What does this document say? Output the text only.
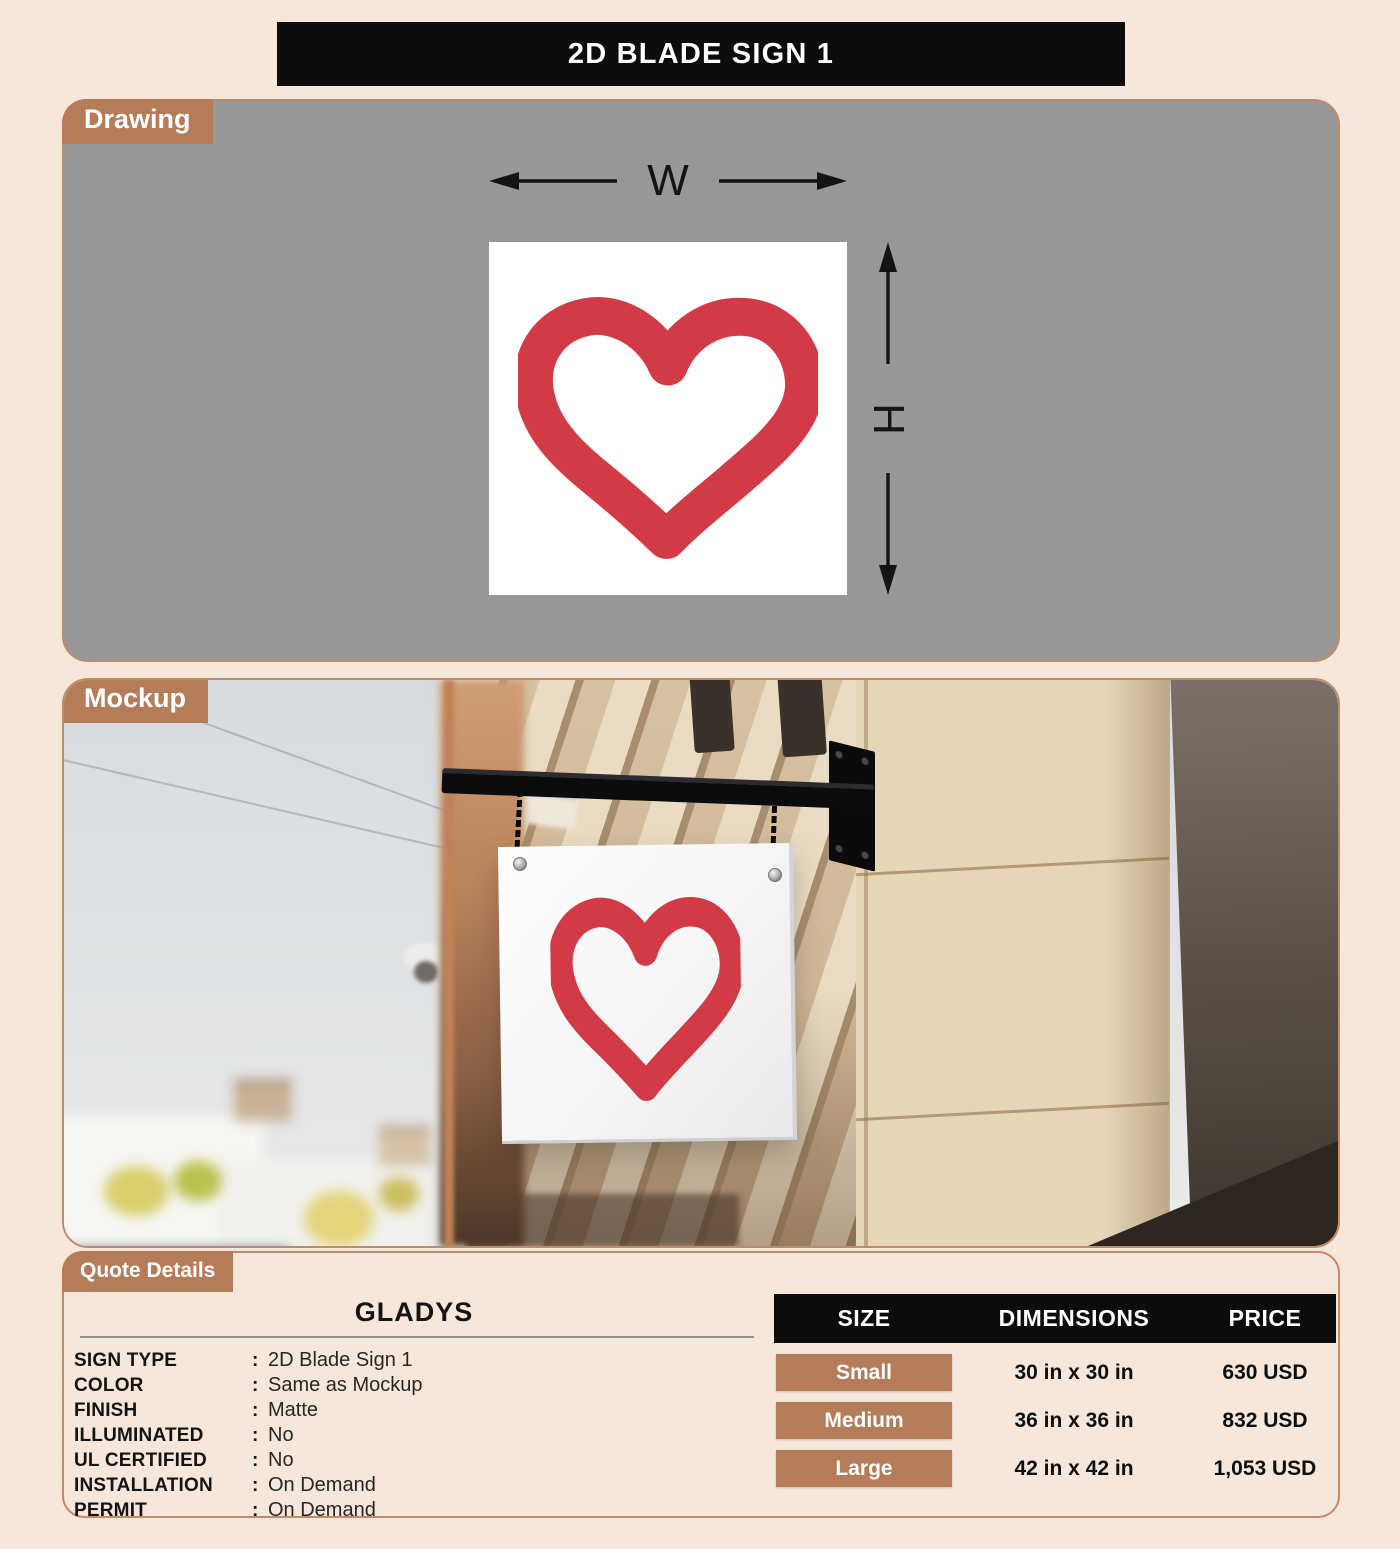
2D BLADE SIGN 1
Drawing
W
H
Mockup
Quote Details
GLADYS
SIGN TYPE	: 2D Blade Sign 1
COLOR	: Same as Mockup
FINISH	: Matte
ILLUMINATED	: No
UL CERTIFIED	: No
INSTALLATION	: On Demand
PERMIT	: On Demand
SIZE	DIMENSIONS	PRICE
Small	30 in x 30 in	630 USD
Medium	36 in x 36 in	832 USD
Large	42 in x 42 in	1,053 USD
